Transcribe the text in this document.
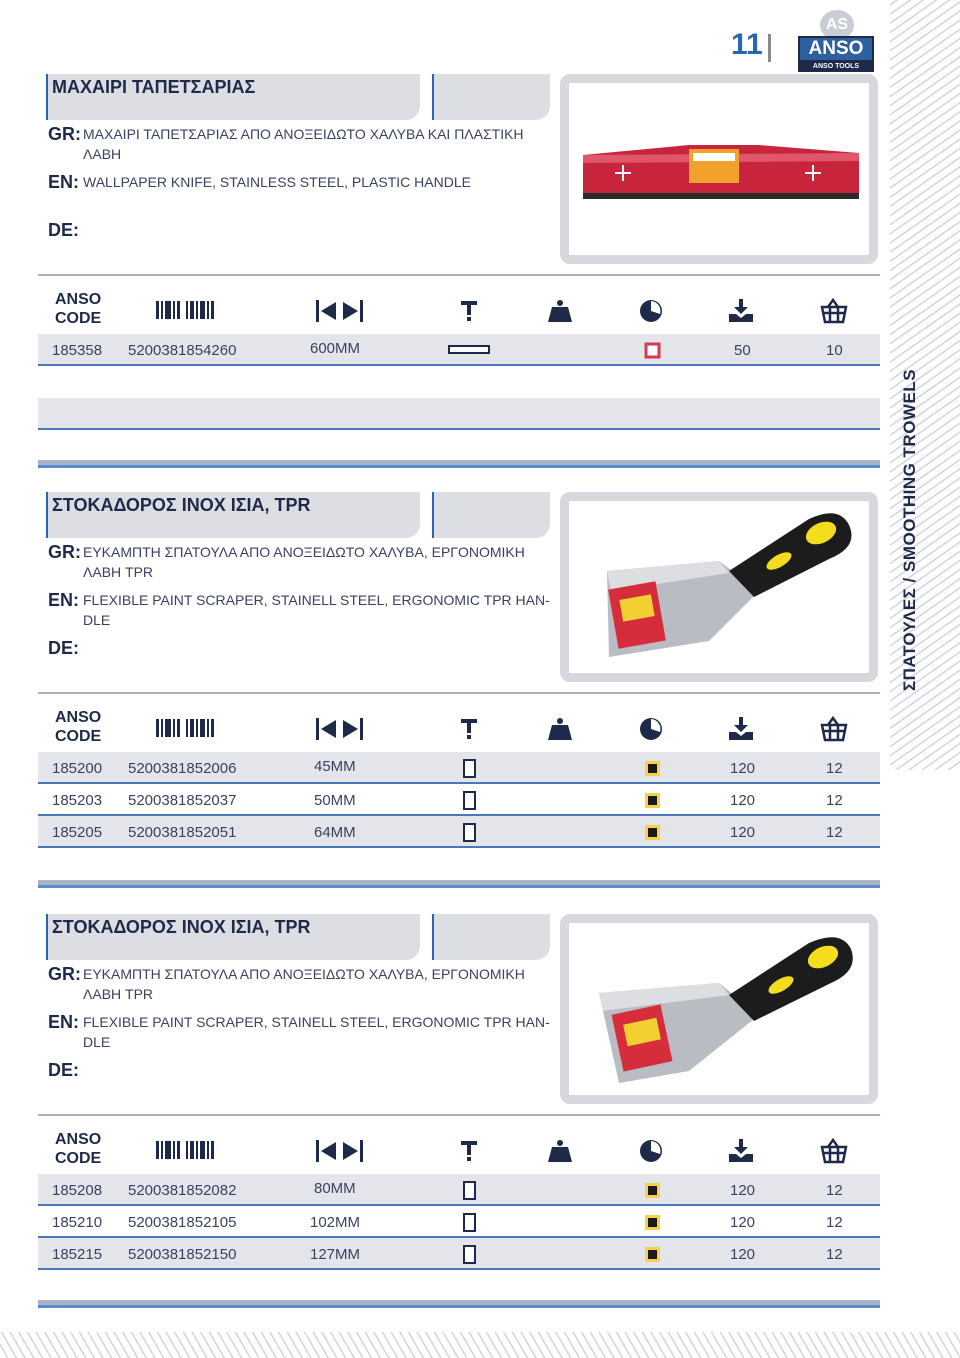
ΣΠΑΤΟΥΛΕΣ / SMOOTHING TROWELS
11
AS
ANSO
ANSO TOOLS
ΜΑΧΑΙΡΙ ΤΑΠΕΤΣΑΡΙΑΣ
GR: ΜΑΧΑΙΡΙ ΤΑΠΕΤΣΑΡΙΑΣ ΑΠΟ ΑΝΟΞΕΙΔΩΤΟ ΧΑΛΥΒΑ ΚΑΙ ΠΛΑΣΤΙΚΗ ΛΑΒΗ
EN: WALLPAPER KNIFE, STAINLESS STEEL, PLASTIC HANDLE
DE:
ANSO
CODE
185358 5200381854260	600MM	50	10
ΣΤΟΚΑΔΟΡΟΣ ΙΝΟΧ ΙΣΙΑ, TPR
GR: ΕΥΚΑΜΠΤΗ ΣΠΑΤΟΥΛΑ ΑΠΟ ΑΝΟΞΕΙΔΩΤΟ ΧΑΛΥΒΑ, ΕΡΓΟΝΟΜΙΚΗ ΛΑΒΗ TPR
EN: FLEXIBLE PAINT SCRAPER, STAINELL STEEL, ERGONOMIC TPR HAN-DLE
DE:
ANSO
CODE
185200 5200381852006	45MM	120	12
185203 5200381852037	50MM	120	12
185205 5200381852051	64MM	120	12
ΣΤΟΚΑΔΟΡΟΣ ΙΝΟΧ ΙΣΙΑ, TPR
GR: ΕΥΚΑΜΠΤΗ ΣΠΑΤΟΥΛΑ ΑΠΟ ΑΝΟΞΕΙΔΩΤΟ ΧΑΛΥΒΑ, ΕΡΓΟΝΟΜΙΚΗ ΛΑΒΗ TPR
EN: FLEXIBLE PAINT SCRAPER, STAINELL STEEL, ERGONOMIC TPR HAN-DLE
DE:
ANSO
CODE
185208 5200381852082	80MM	120	12
185210 5200381852105	102MM	120	12
185215 5200381852150	127MM	120	12
